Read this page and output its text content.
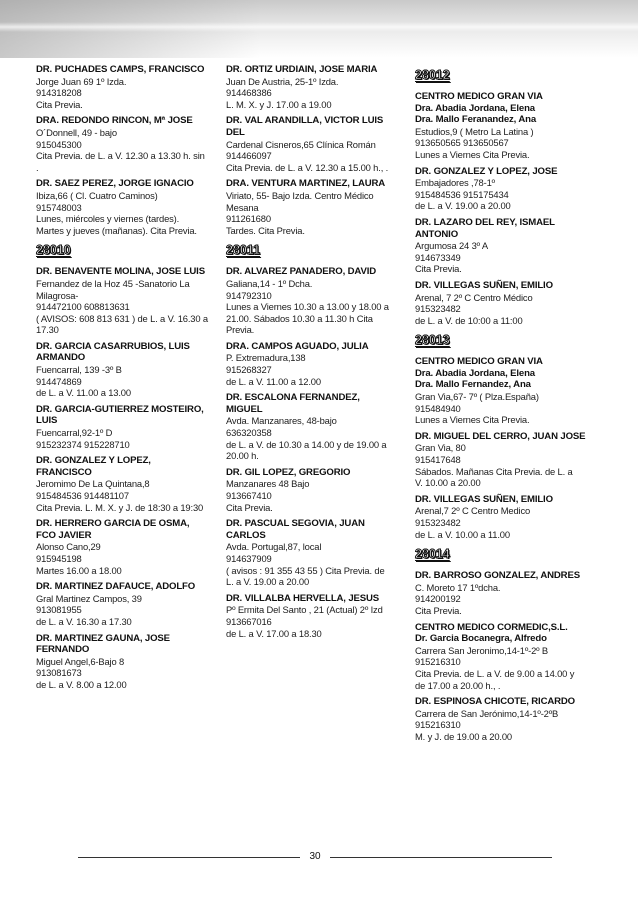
DR. PUCHADES CAMPS, FRANCISCO
Jorge Juan 69 1º Izda.
914318208
Cita Previa.
DRA. REDONDO RINCON, Mª JOSE
O´Donnell, 49 - bajo
915045300
Cita Previa. de L. a V. 12.30 a 13.30 h. sin
.
DR. SAEZ PEREZ, JORGE IGNACIO
Ibiza,66 ( Cl. Cuatro Caminos)
915748003
Lunes, miércoles y viernes (tardes).
Martes y jueves (mañanas). Cita Previa.
28010
DR. BENAVENTE MOLINA, JOSE LUIS
Fernandez de la Hoz 45 -Sanatorio La
Milagrosa-
914472100 608813631
( AVISOS: 608 813 631 ) de L. a V. 16.30 a
17.30
DR. GARCIA CASARRUBIOS, LUIS
ARMANDO
Fuencarral, 139 -3º B
914474869
de L. a V. 11.00 a 13.00
DR. GARCIA-GUTIERREZ MOSTEIRO,
LUIS
Fuencarral,92-1º D
915232374 915228710
DR. GONZALEZ Y LOPEZ,
FRANCISCO
Jeromimo De La Quintana,8
915484536 914481107
Cita Previa. L. M. X. y J. de 18:30 a 19:30
DR. HERRERO GARCIA DE OSMA,
FCO JAVIER
Alonso Cano,29
915945198
Martes 16.00 a 18.00
DR. MARTINEZ DAFAUCE, ADOLFO
Gral Martinez Campos, 39
913081955
de L. a V. 16.30 a 17.30
DR. MARTINEZ GAUNA, JOSE
FERNANDO
Miguel Angel,6-Bajo 8
913081673
de L. a V. 8.00 a 12.00
DR. ORTIZ URDIAIN, JOSE MARIA
Juan De Austria, 25-1º Izda.
914468386
L. M. X. y J. 17.00 a 19.00
DR. VAL ARANDILLA, VICTOR LUIS
DEL
Cardenal Cisneros,65 Clínica Román
914466097
Cita Previa. de L. a V. 12.30 a 15.00 h., .
DRA. VENTURA MARTINEZ, LAURA
Viriato, 55- Bajo Izda. Centro Médico
Mesana
911261680
Tardes. Cita Previa.
28011
DR. ALVAREZ PANADERO, DAVID
Galiana,14 - 1º Dcha.
914792310
Lunes a Viernes 10.30 a 13.00 y 18.00 a
21.00. Sábados 10.30 a 11.30 h Cita
Previa.
DRA. CAMPOS AGUADO, JULIA
P. Extremadura,138
915268327
de L. a V. 11.00 a 12.00
DR. ESCALONA FERNANDEZ,
MIGUEL
Avda. Manzanares, 48-bajo
636320358
de L. a V. de 10.30 a 14.00 y de 19.00 a
20.00 h.
DR. GIL LOPEZ, GREGORIO
Manzanares 48 Bajo
913667410
Cita Previa.
DR. PASCUAL SEGOVIA, JUAN
CARLOS
Avda. Portugal,87, local
914637909
( avisos : 91 355 43 55 ) Cita Previa. de
L. a V. 19.00 a 20.00
DR. VILLALBA HERVELLA, JESUS
Pº Ermita Del Santo , 21 (Actual) 2º Izd
913667016
de L. a V. 17.00 a 18.30
28012
CENTRO MEDICO GRAN VIA
Dra. Abadia Jordana, Elena
Dra. Mallo Feranandez, Ana
Estudios,9 ( Metro La Latina )
913650565 913650567
Lunes a Viernes Cita Previa.
DR. GONZALEZ Y LOPEZ, JOSE
Embajadores ,78-1º
915484536 915175434
de L. a V. 19.00 a 20.00
DR. LAZARO DEL REY, ISMAEL
ANTONIO
Argumosa 24 3º A
914673349
Cita Previa.
DR. VILLEGAS SUÑEN, EMILIO
Arenal, 7 2º C Centro Médico
915323482
de L. a V. de 10:00 a 11:00
28013
CENTRO MEDICO GRAN VIA
Dra. Abadia Jordana, Elena
Dra. Mallo Fernandez, Ana
Gran Via,67- 7º ( Plza.España)
915484940
Lunes a Viernes Cita Previa.
DR. MIGUEL DEL CERRO, JUAN JOSE
Gran Via, 80
915417648
Sábados. Mañanas Cita Previa. de L. a
V. 10.00 a 20.00
DR. VILLEGAS SUÑEN, EMILIO
Arenal,7 2º C Centro Medico
915323482
de L. a V. 10.00 a 11.00
28014
DR. BARROSO GONZALEZ, ANDRES
C. Moreto 17 1ºdcha.
914200192
Cita Previa.
CENTRO MEDICO CORMEDIC,S.L.
Dr. Garcia Bocanegra, Alfredo
Carrera San Jeronimo,14-1º-2º B
915216310
Cita Previa. de L. a V. de 9.00 a 14.00 y
de 17.00 a 20.00 h., .
DR. ESPINOSA CHICOTE, RICARDO
Carrera de San Jerónimo,14-1º-2ºB
915216310
M. y J. de 19.00 a 20.00
30
